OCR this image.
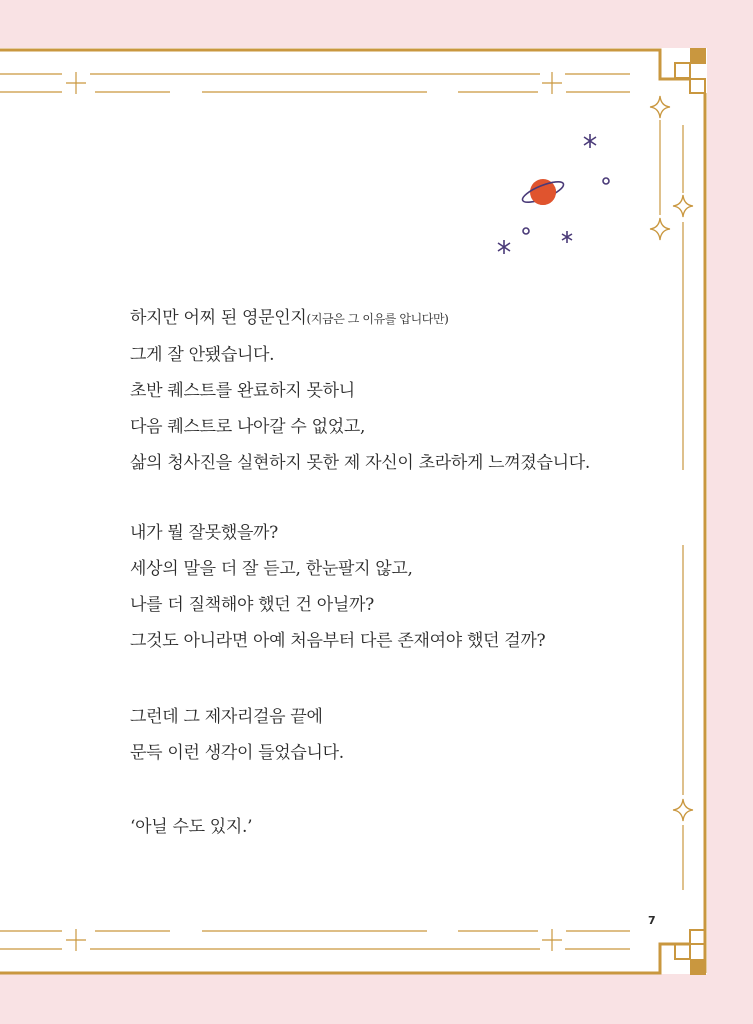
하지만 어찌 된 영문인지(지금은 그 이유를 압니다만)
그게 잘 안됐습니다.
초반 퀘스트를 완료하지 못하니
다음 퀘스트로 나아갈 수 없었고,
삶의 청사진을 실현하지 못한 제 자신이 초라하게 느껴졌습니다.

내가 뭘 잘못했을까?
세상의 말을 더 잘 듣고, 한눈팔지 않고,
나를 더 질책해야 했던 건 아닐까?
그것도 아니라면 아예 처음부터 다른 존재여야 했던 걸까?

그런데 그 제자리걸음 끝에
문득 이런 생각이 들었습니다.

‘아닐 수도 있지.’

7
